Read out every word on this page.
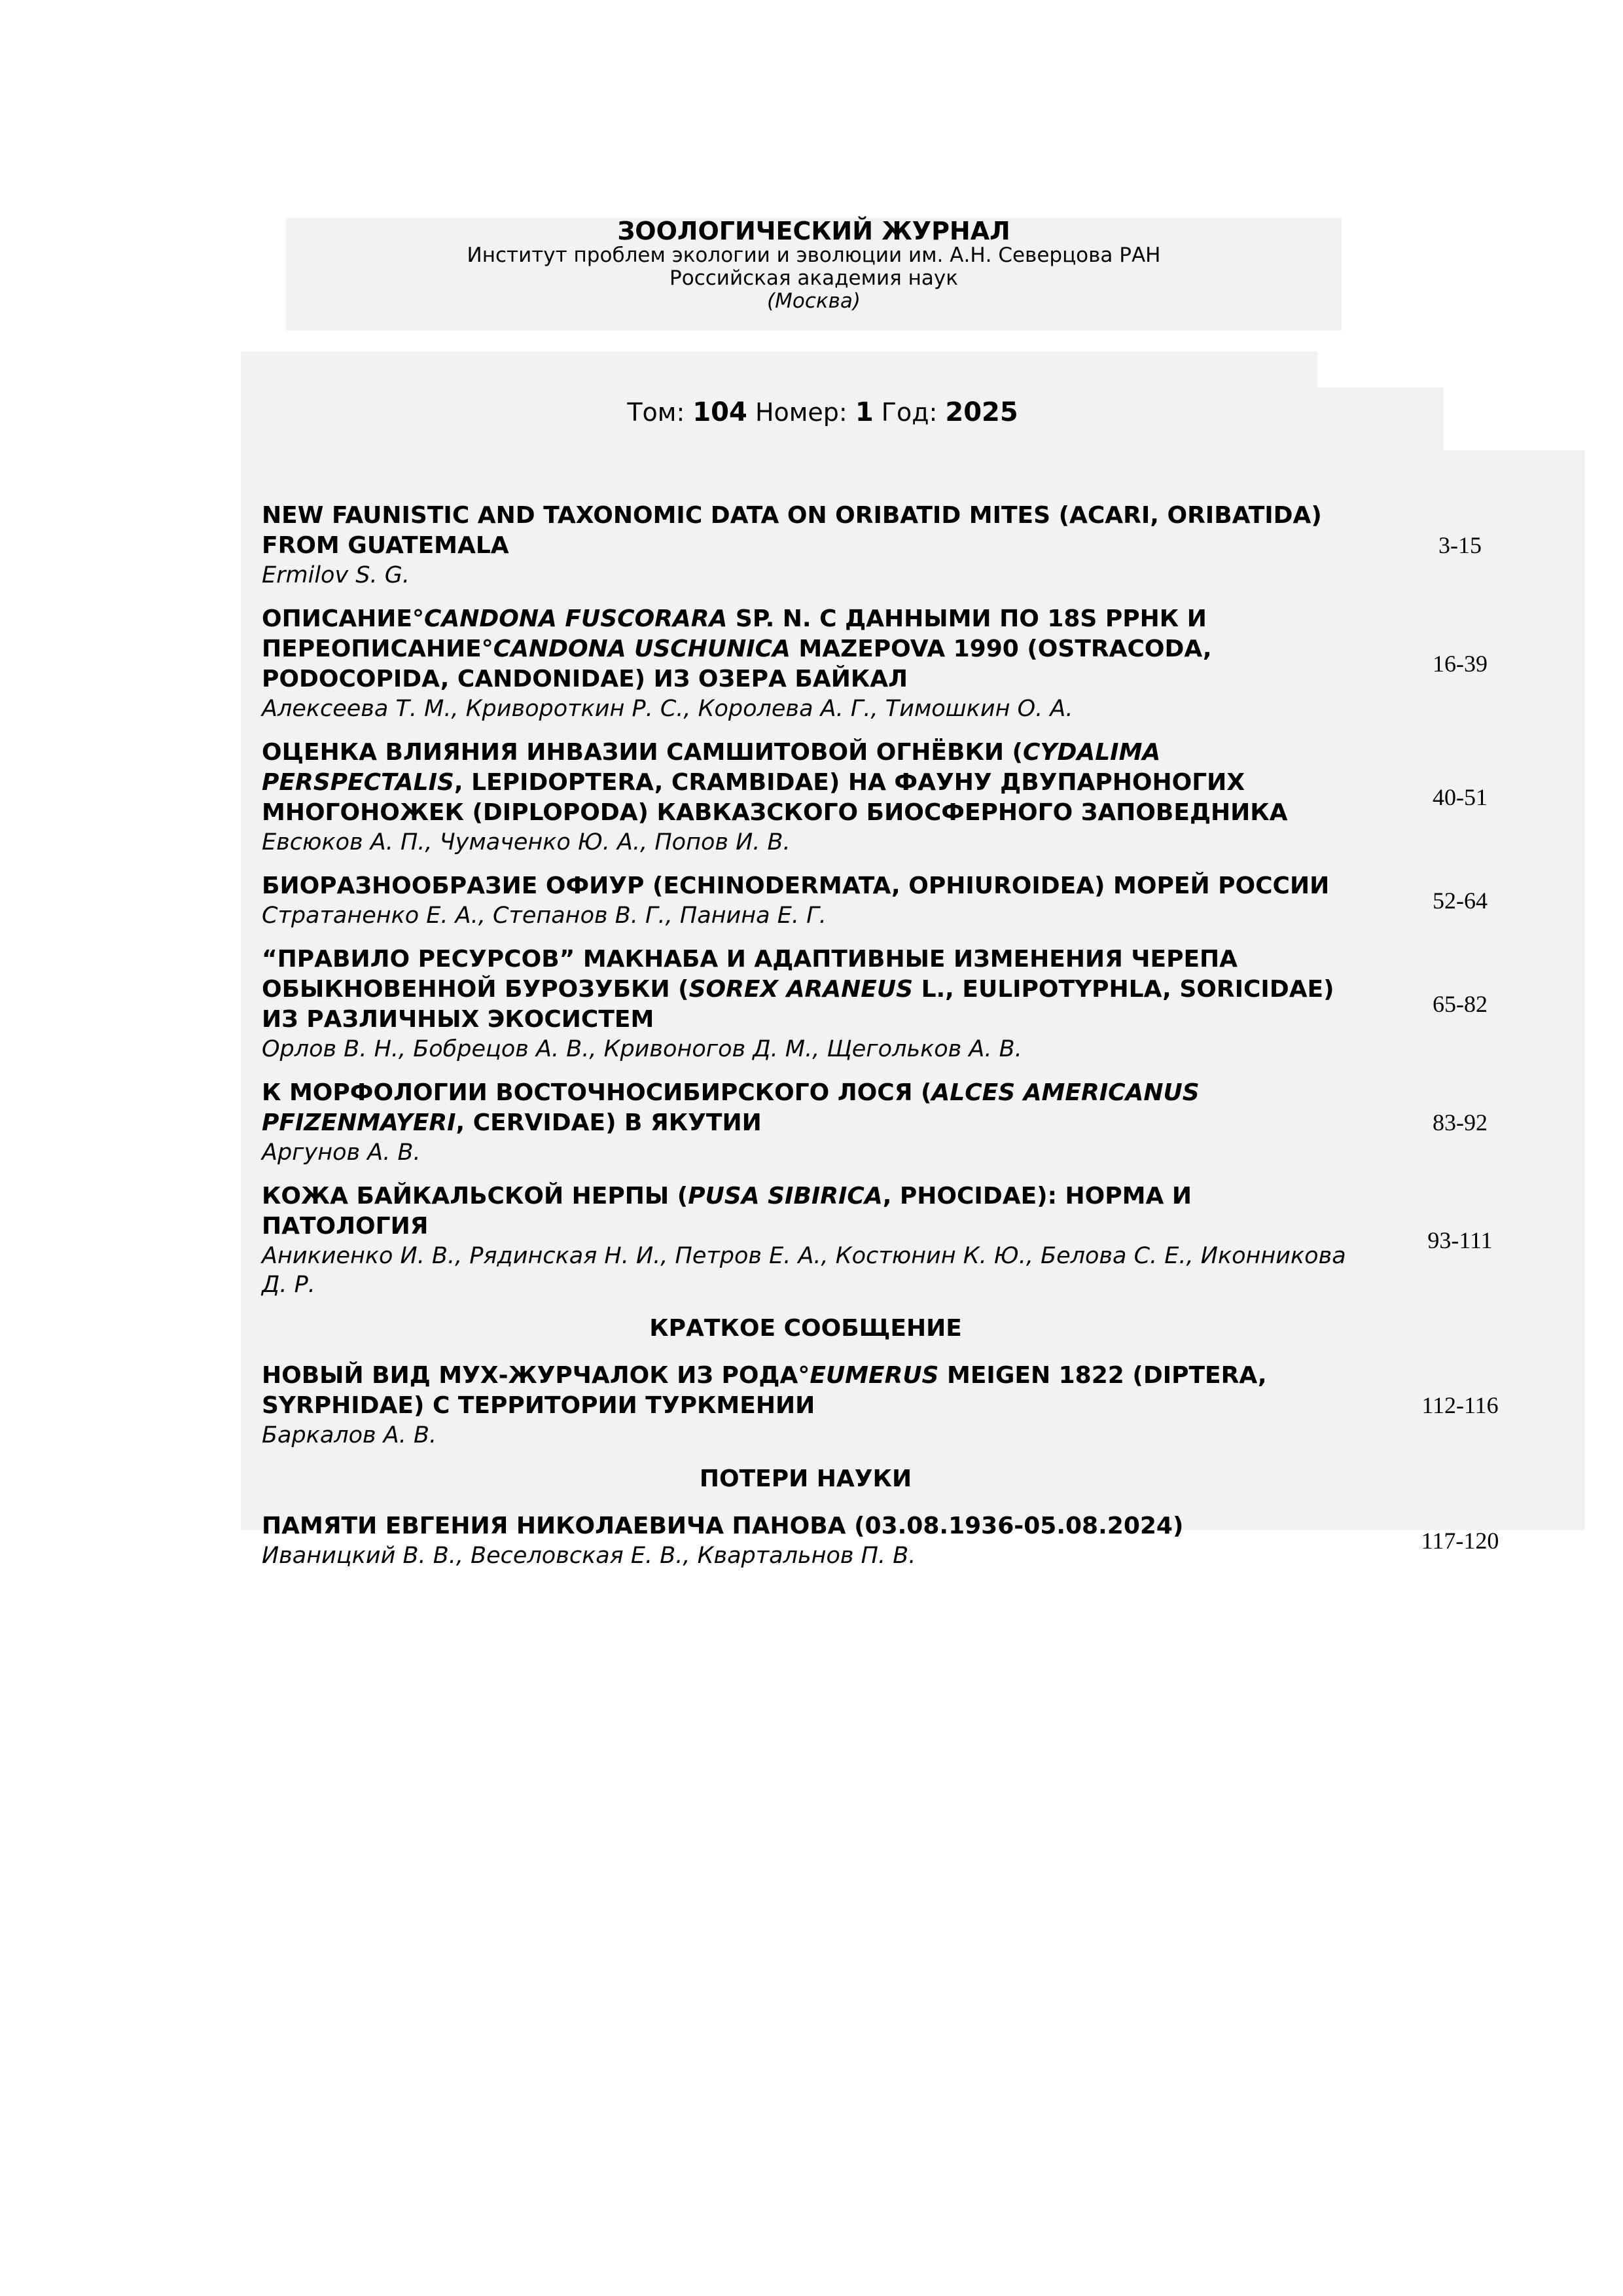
ЗООЛОГИЧЕСКИЙ ЖУРНАЛ
Институт проблем экологии и эволюции им. А.Н. Северцова РАН
Российская академия наук
(Москва)
Том: 104 Номер: 1 Год: 2025
NEW FAUNISTIC AND TAXONOMIC DATA ON ORIBATID MITES (ACARI, ORIBATIDA) FROM GUATEMALA
Ermilov S. G.
3-15
ОПИСАНИЕ°CANDONA FUSCORARA SP. N. С ДАННЫМИ ПО 18S РРНК И ПЕРЕОПИСАНИЕ°CANDONA USCHUNICA MAZEPOVA 1990 (OSTRACODA, PODOCOPIDA, CANDONIDAE) ИЗ ОЗЕРА БАЙКАЛ
Алексеева Т. М., Кривороткин Р. С., Королева А. Г., Тимошкин О. А.
16-39
ОЦЕНКА ВЛИЯНИЯ ИНВАЗИИ САМШИТОВОЙ ОГНЁВКИ (CYDALIMA PERSPECTALIS, LEPIDOPTERA, CRAMBIDAE) НА ФАУНУ ДВУПАРНОНОГИХ МНОГОНОЖЕК (DIPLOPODA) КАВКАЗСКОГО БИОСФЕРНОГО ЗАПОВЕДНИКА
Евсюков А. П., Чумаченко Ю. А., Попов И. В.
40-51
БИОРАЗНООБРАЗИЕ ОФИУР (ECHINODERMATA, OPHIUROIDEA) МОРЕЙ РОССИИ
Стратаненко Е. А., Степанов В. Г., Панина Е. Г.
52-64
“ПРАВИЛО РЕСУРСОВ” МАКНАБА И АДАПТИВНЫЕ ИЗМЕНЕНИЯ ЧЕРЕПА ОБЫКНОВЕННОЙ БУРОЗУБКИ (SOREX ARANEUS L., EULIPOTYPHLA, SORICIDAE) ИЗ РАЗЛИЧНЫХ ЭКОСИСТЕМ
Орлов В. Н., Бобрецов А. В., Кривоногов Д. М., Щегольков А. В.
65-82
К МОРФОЛОГИИ ВОСТОЧНОСИБИРСКОГО ЛОСЯ (ALCES AMERICANUS PFIZENMAYERI, CERVIDAE) В ЯКУТИИ
Аргунов А. В.
83-92
КОЖА БАЙКАЛЬСКОЙ НЕРПЫ (PUSA SIBIRICA, PHOCIDAE): НОРМА И ПАТОЛОГИЯ
Аникиенко И. В., Рядинская Н. И., Петров Е. А., Костюнин К. Ю., Белова С. Е., Иконникова Д. Р.
93-111
КРАТКОЕ СООБЩЕНИЕ
НОВЫЙ ВИД МУХ-ЖУРЧАЛОК ИЗ РОДА°EUMERUS MEIGEN 1822 (DIPTERA, SYRPHIDAE) С ТЕРРИТОРИИ ТУРКМЕНИИ
Баркалов А. В.
112-116
ПОТЕРИ НАУКИ
ПАМЯТИ ЕВГЕНИЯ НИКОЛАЕВИЧА ПАНОВА (03.08.1936-05.08.2024)
Иваницкий В. В., Веселовская Е. В., Квартальнов П. В.
117-120
